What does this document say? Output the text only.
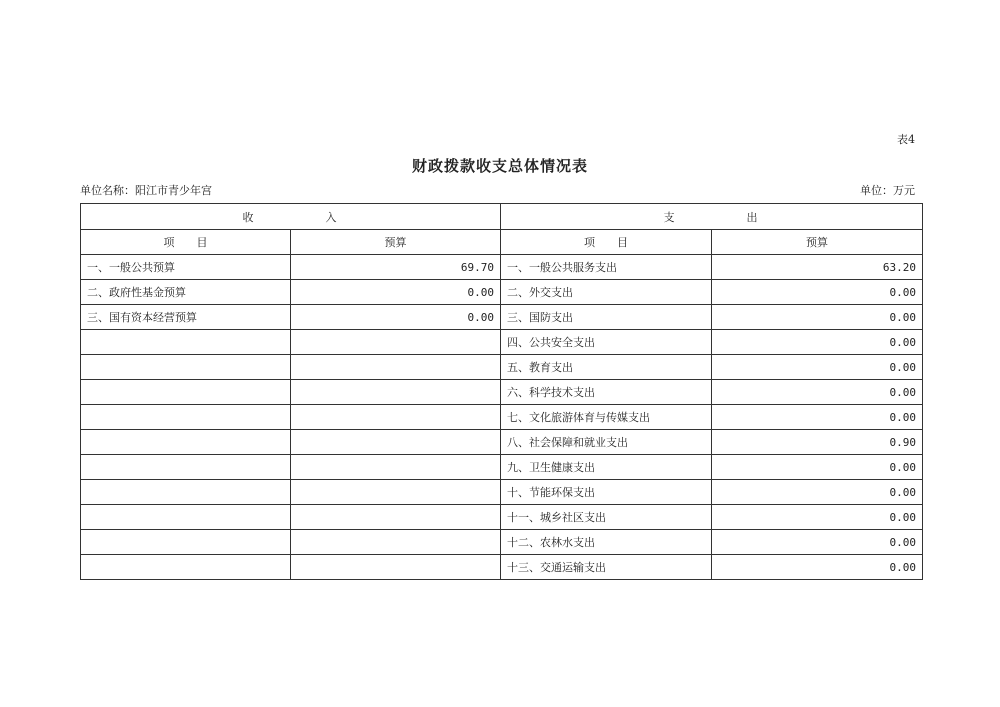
表4
财政拨款收支总体情况表
单位名称：阳江市青少年宫	单位：万元
收 入		支 出	
项 目	预算	项 目	预算
一、一般公共预算	69.70	一、一般公共服务支出	63.20
二、政府性基金预算	0.00	二、外交支出	0.00
三、国有资本经营预算	0.00	三、国防支出	0.00
		四、公共安全支出	0.00
		五、教育支出	0.00
		六、科学技术支出	0.00
		七、文化旅游体育与传媒支出	0.00
		八、社会保障和就业支出	0.90
		九、卫生健康支出	0.00
		十、节能环保支出	0.00
		十一、城乡社区支出	0.00
		十二、农林水支出	0.00
		十三、交通运输支出	0.00
